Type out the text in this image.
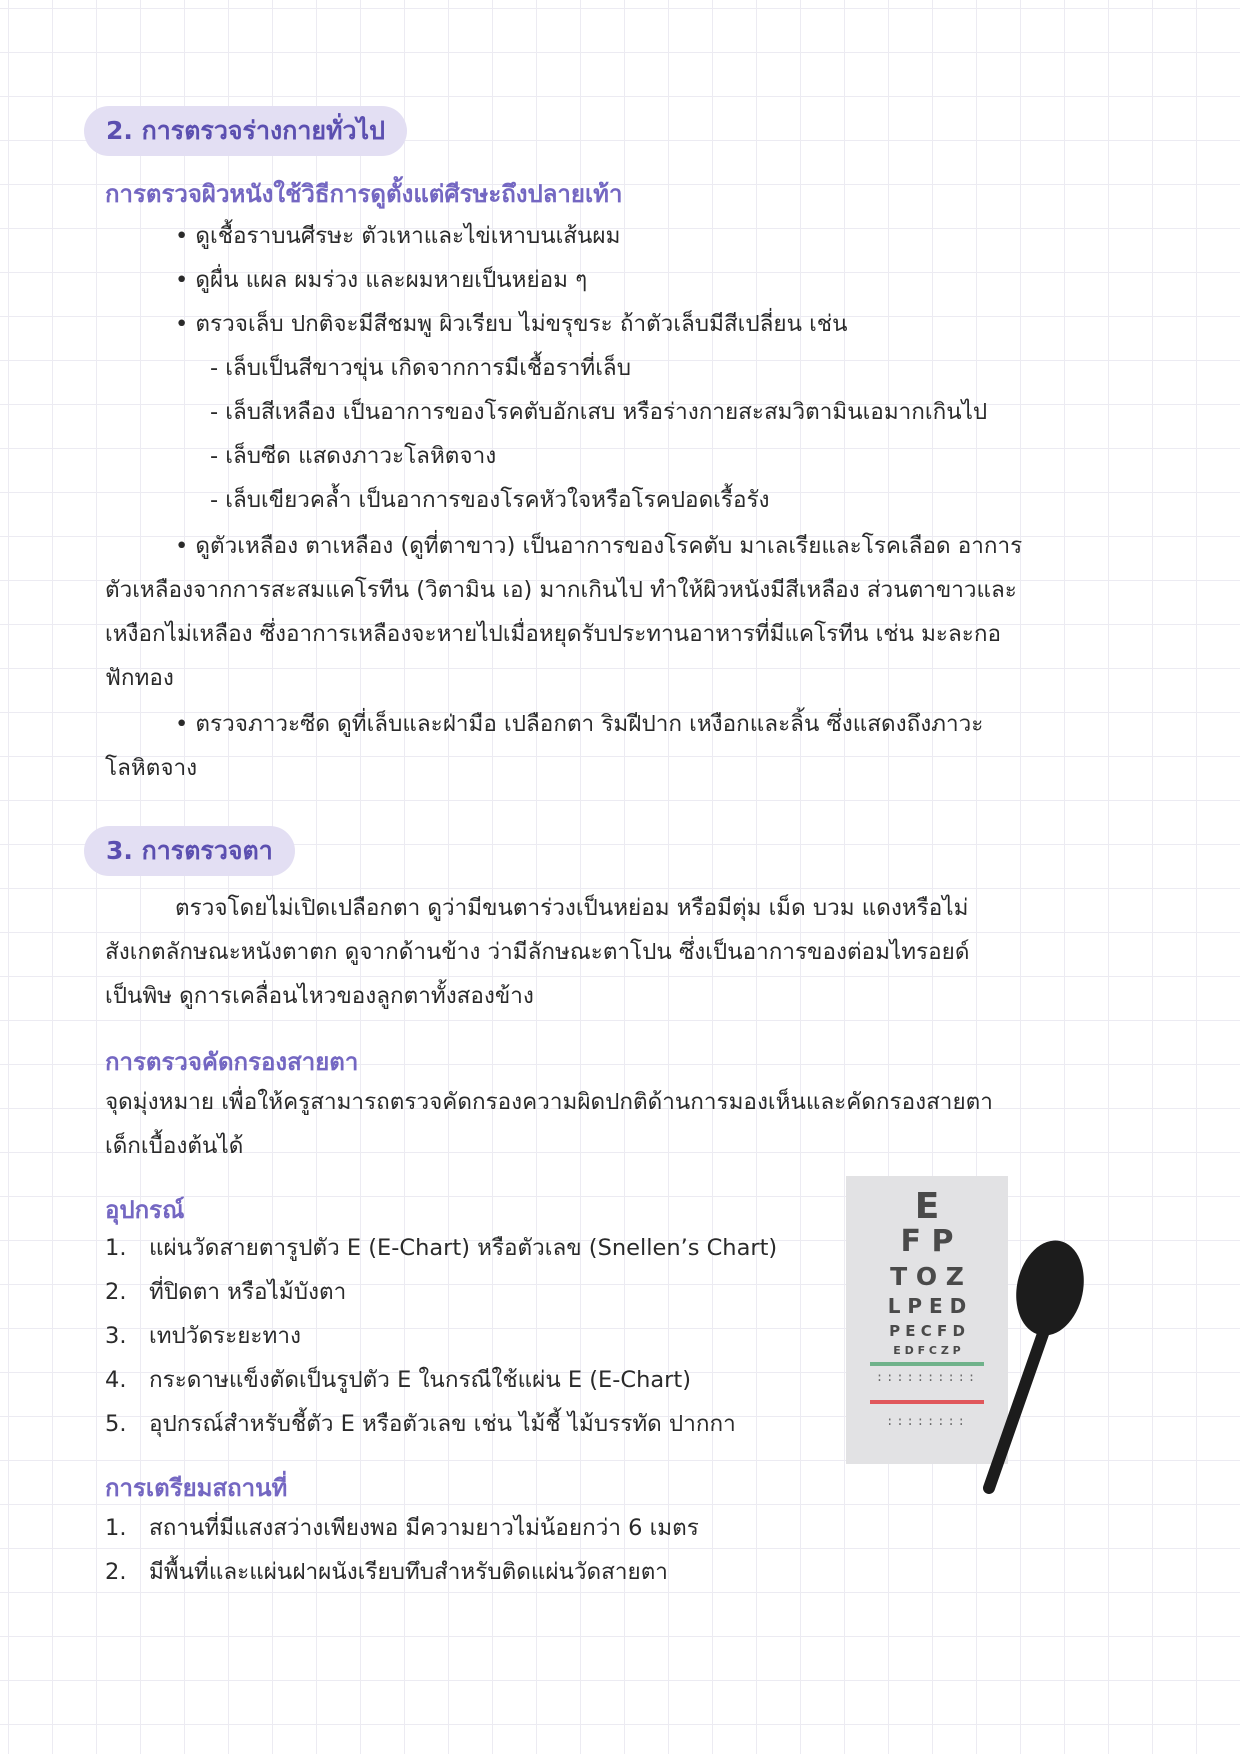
2. การตรวจร่างกายทั่วไป
การตรวจผิวหนังใช้วิธีการดูตั้งแต่ศีรษะถึงปลายเท้า
• ดูเชื้อราบนศีรษะ ตัวเหาและไข่เหาบนเส้นผม
• ดูผื่น แผล ผมร่วง และผมหายเป็นหย่อม ๆ
• ตรวจเล็บ ปกติจะมีสีชมพู ผิวเรียบ ไม่ขรุขระ ถ้าตัวเล็บมีสีเปลี่ยน เช่น
- เล็บเป็นสีขาวขุ่น เกิดจากการมีเชื้อราที่เล็บ
- เล็บสีเหลือง เป็นอาการของโรคตับอักเสบ หรือร่างกายสะสมวิตามินเอมากเกินไป
- เล็บซีด แสดงภาวะโลหิตจาง
- เล็บเขียวคล้ำ เป็นอาการของโรคหัวใจหรือโรคปอดเรื้อรัง
• ดูตัวเหลือง ตาเหลือง (ดูที่ตาขาว) เป็นอาการของโรคตับ มาเลเรียและโรคเลือด อาการ
ตัวเหลืองจากการสะสมแคโรทีน (วิตามิน เอ) มากเกินไป ทำให้ผิวหนังมีสีเหลือง ส่วนตาขาวและ
เหงือกไม่เหลือง ซึ่งอาการเหลืองจะหายไปเมื่อหยุดรับประทานอาหารที่มีแคโรทีน เช่น มะละกอ
ฟักทอง
• ตรวจภาวะซีด ดูที่เล็บและฝ่ามือ เปลือกตา ริมฝีปาก เหงือกและลิ้น ซึ่งแสดงถึงภาวะ
โลหิตจาง
3. การตรวจตา
ตรวจโดยไม่เปิดเปลือกตา ดูว่ามีขนตาร่วงเป็นหย่อม หรือมีตุ่ม เม็ด บวม แดงหรือไม่
สังเกตลักษณะหนังตาตก ดูจากด้านข้าง ว่ามีลักษณะตาโปน ซึ่งเป็นอาการของต่อมไทรอยด์
เป็นพิษ ดูการเคลื่อนไหวของลูกตาทั้งสองข้าง
การตรวจคัดกรองสายตา
จุดมุ่งหมาย เพื่อให้ครูสามารถตรวจคัดกรองความผิดปกติด้านการมองเห็นและคัดกรองสายตา
เด็กเบื้องต้นได้
อุปกรณ์
1. แผ่นวัดสายตารูปตัว E (E-Chart) หรือตัวเลข (Snellen’s Chart)
2. ที่ปิดตา หรือไม้บังตา
3. เทปวัดระยะทาง
4. กระดาษแข็งตัดเป็นรูปตัว E ในกรณีใช้แผ่น E (E-Chart)
5. อุปกรณ์สำหรับชี้ตัว E หรือตัวเลข เช่น ไม้ชี้ ไม้บรรทัด ปากกา
การเตรียมสถานที่
1. สถานที่มีแสงสว่างเพียงพอ มีความยาวไม่น้อยกว่า 6 เมตร
2. มีพื้นที่และแผ่นฝาผนังเรียบทึบสำหรับติดแผ่นวัดสายตา
E
F P
T O Z
L P E D
P E C F D
E D F C Z P
::::::::::
::::::::
